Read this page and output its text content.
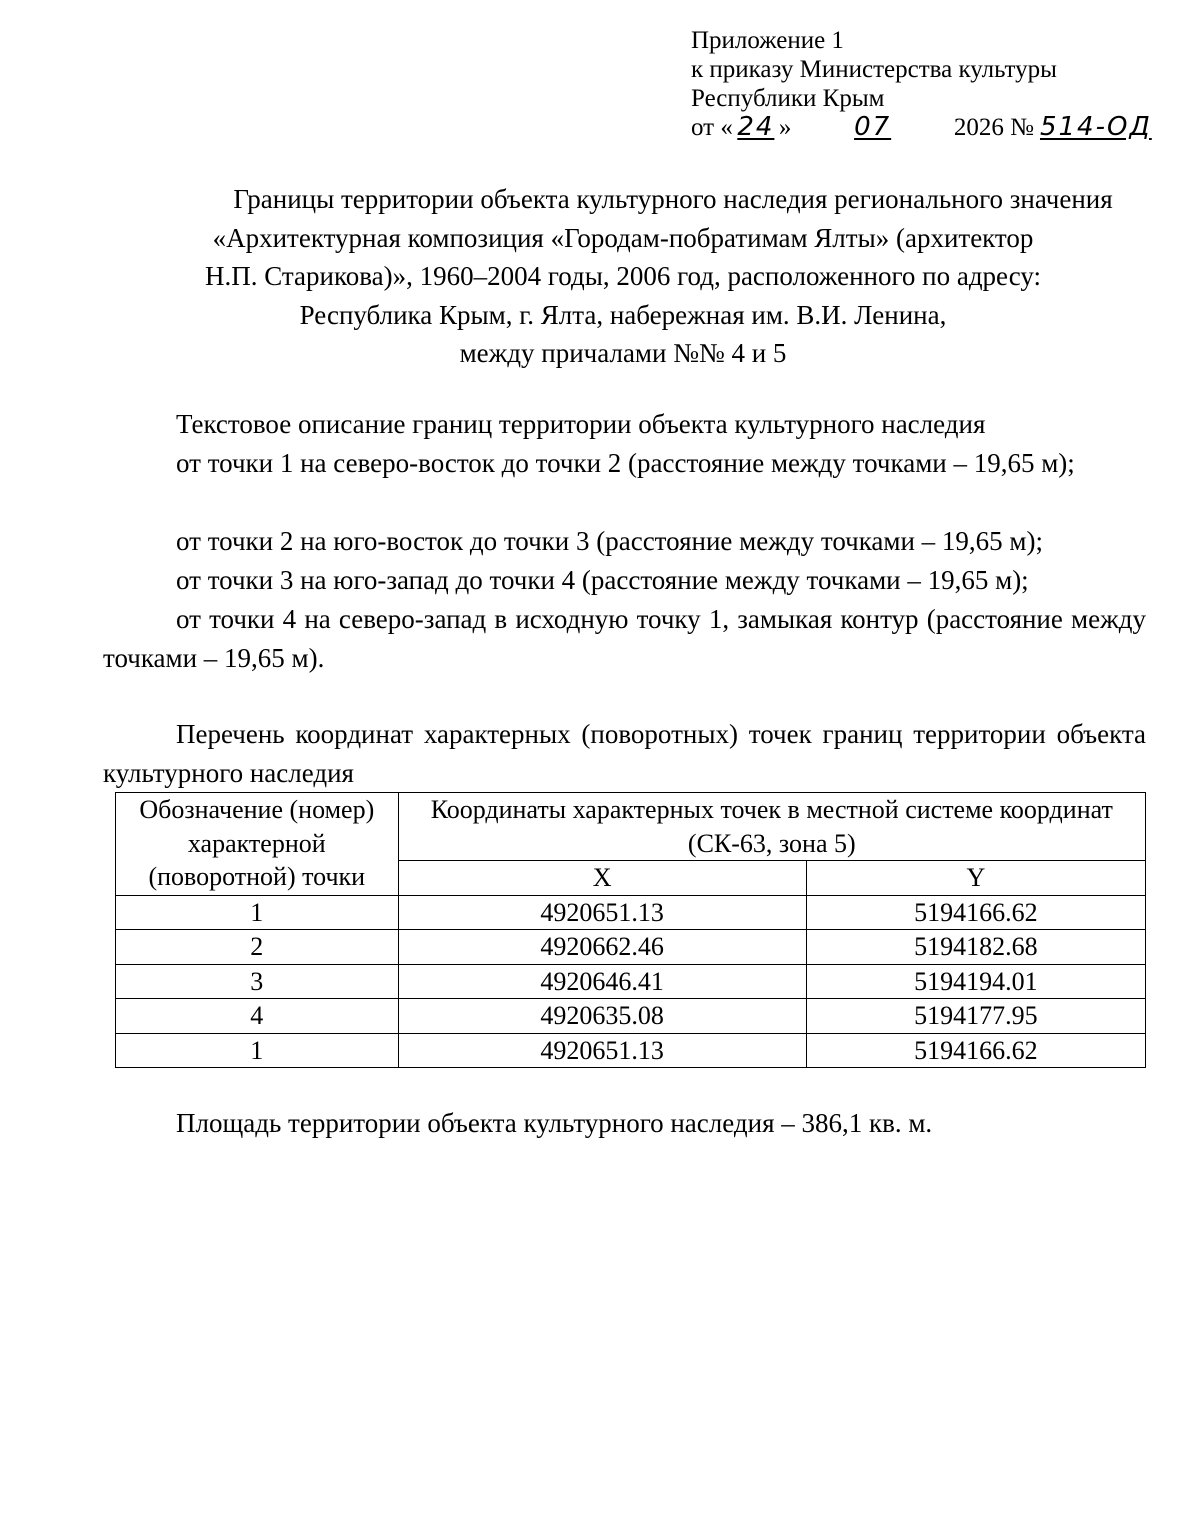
Приложение 1
к приказу Министерства культуры
Республики Крым
от « 24 » 07	2026 № 514-ОД
Границы территории объекта культурного наследия регионального значения
«Архитектурная композиция «Городам-побратимам Ялты» (архитектор
Н.П. Старикова)», 1960–2004 годы, 2006 год, расположенного по адресу:
Республика Крым, г. Ялта, набережная им. В.И. Ленина,
между причалами №№ 4 и 5
Текстовое описание границ территории объекта культурного наследия
от точки 1 на северо-восток до точки 2 (расстояние между точками – 19,65 м);
от точки 2 на юго-восток до точки 3 (расстояние между точками – 19,65 м);
от точки 3 на юго-запад до точки 4 (расстояние между точками – 19,65 м);
от точки 4 на северо-запад в исходную точку 1, замыкая контур (расстояние между точками – 19,65 м).
Перечень координат характерных (поворотных) точек границ территории объекта культурного наследия
Обозначение (номер) характерной (поворотной) точки	Координаты характерных точек в местной системе координат (СК-63, зона 5)	
	X	Y
1	4920651.13	5194166.62
2	4920662.46	5194182.68
3	4920646.41	5194194.01
4	4920635.08	5194177.95
1	4920651.13	5194166.62
Площадь территории объекта культурного наследия – 386,1 кв. м.
